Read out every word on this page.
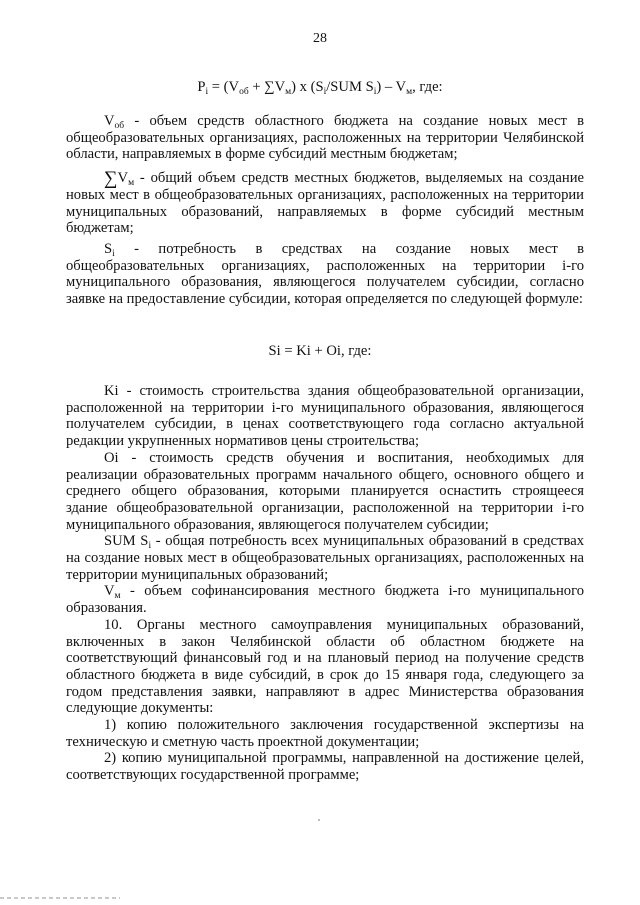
28
$P_i = (V_{об} + \sum V_м)$ x ($S_i$/SUM $S_i) - V_м$, где:

$V_{об}$ - объем средств областного бюджета на создание новых мест в общеобразовательных организациях, расположенных на территории Челябинской области, направляемых в форме субсидий местным бюджетам;

$\sum V_м$ - общий объем средств местных бюджетов, выделяемых на создание новых мест в общеобразовательных организациях, расположенных на территории муниципальных образований, направляемых в форме субсидий местным бюджетам;

$S_i$ - потребность в средствах на создание новых мест в общеобразовательных организациях, расположенных на территории i-го муниципального образования, являющегося получателем субсидии, согласно заявке на предоставление субсидии, которая определяется по следующей формуле:

Si = Ki + Oi, где:

Ki - стоимость строительства здания общеобразовательной организации, расположенной на территории i-го муниципального образования, являющегося получателем субсидии, в ценах соответствующего года согласно актуальной редакции укрупненных нормативов цены строительства;

Oi - стоимость средств обучения и воспитания, необходимых для реализации образовательных программ начального общего, основного общего и среднего общего образования, которыми планируется оснастить строящееся здание общеобразовательной организации, расположенной на территории i-го муниципального образования, являющегося получателем субсидии;

SUM $S_i$ - общая потребность всех муниципальных образований в средствах на создание новых мест в общеобразовательных организациях, расположенных на территории муниципальных образований;

$V_м$ - объем софинансирования местного бюджета i-го муниципального образования.

10. Органы местного самоуправления муниципальных образований, включенных в закон Челябинской области об областном бюджете на соответствующий финансовый год и на плановый период на получение средств областного бюджета в виде субсидий, в срок до 15 января года, следующего за годом представления заявки, направляют в адрес Министерства образования следующие документы:

1) копию положительного заключения государственной экспертизы на техническую и сметную часть проектной документации;

2) копию муниципальной программы, направленной на достижение целей, соответствующих государственной программе;
